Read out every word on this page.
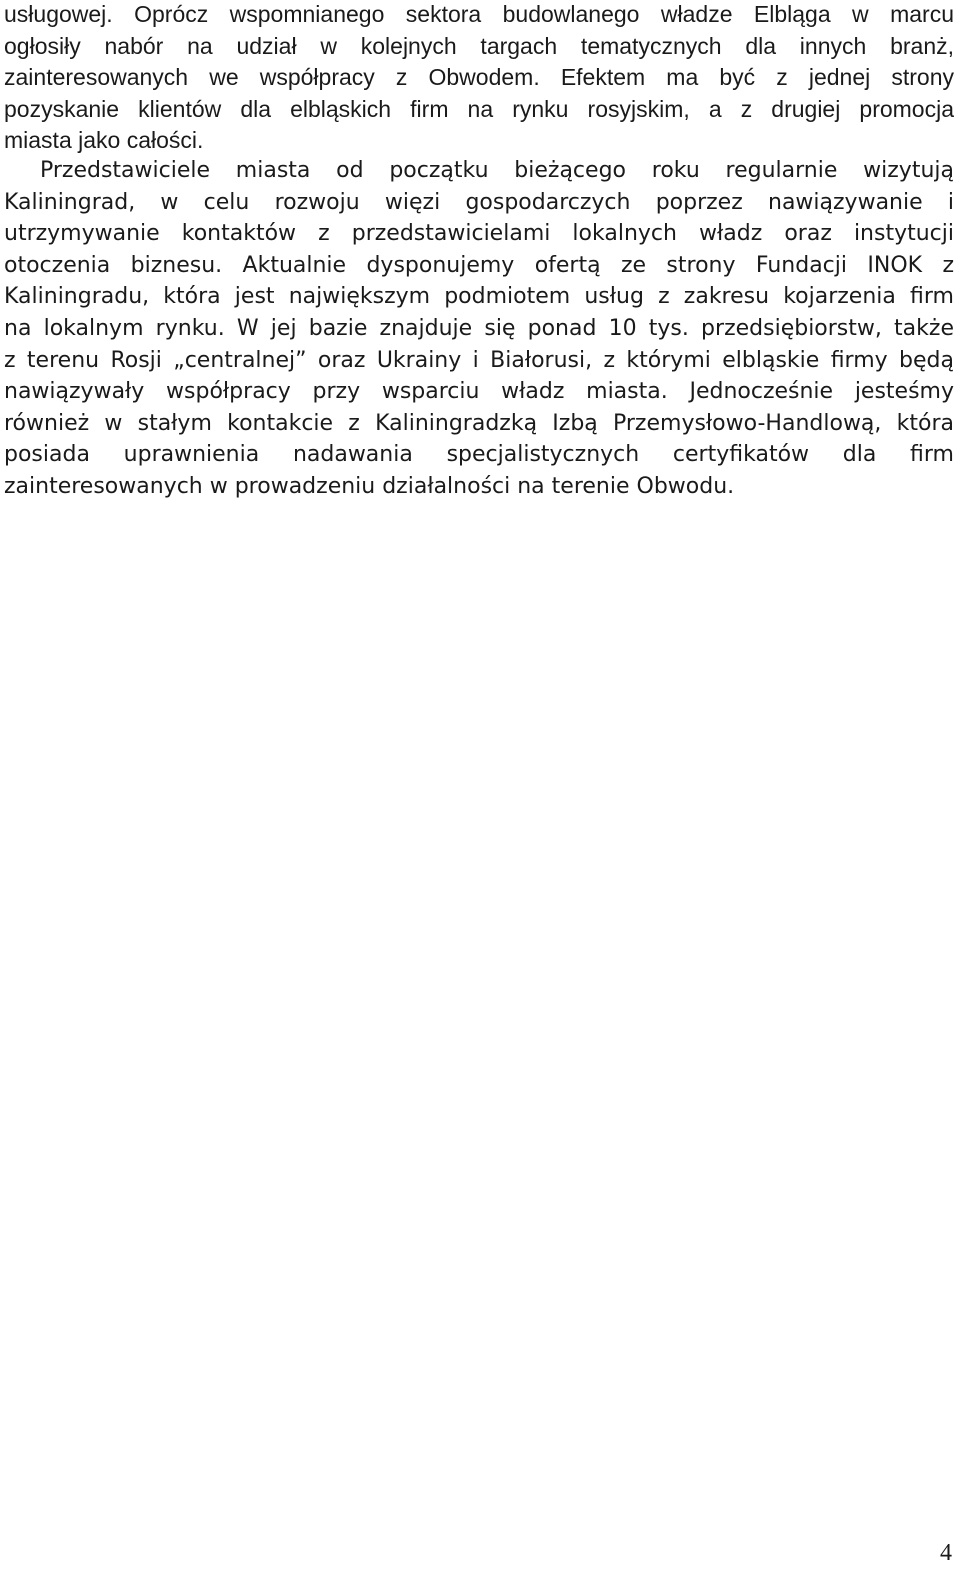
usługowej. Oprócz wspomnianego sektora budowlanego władze Elbląga w marcu
ogłosiły nabór na udział w kolejnych targach tematycznych dla innych branż,
zainteresowanych we współpracy z Obwodem. Efektem ma być z jednej strony
pozyskanie klientów dla elbląskich firm na rynku rosyjskim, a z drugiej promocja
miasta jako całości.
Przedstawiciele miasta od początku bieżącego roku regularnie wizytują
Kaliningrad, w celu rozwoju więzi gospodarczych poprzez nawiązywanie i
utrzymywanie kontaktów z przedstawicielami lokalnych władz oraz instytucji
otoczenia biznesu. Aktualnie dysponujemy ofertą ze strony Fundacji INOK z
Kaliningradu, która jest największym podmiotem usług z zakresu kojarzenia firm
na lokalnym rynku. W jej bazie znajduje się ponad 10 tys. przedsiębiorstw, także
z terenu Rosji „centralnej” oraz Ukrainy i Białorusi, z którymi elbląskie firmy będą
nawiązywały współpracy przy wsparciu władz miasta. Jednocześnie jesteśmy
również w stałym kontakcie z Kaliningradzką Izbą Przemysłowo-Handlową, która
posiada uprawnienia nadawania specjalistycznych certyfikatów dla firm
zainteresowanych w prowadzeniu działalności na terenie Obwodu.
4
